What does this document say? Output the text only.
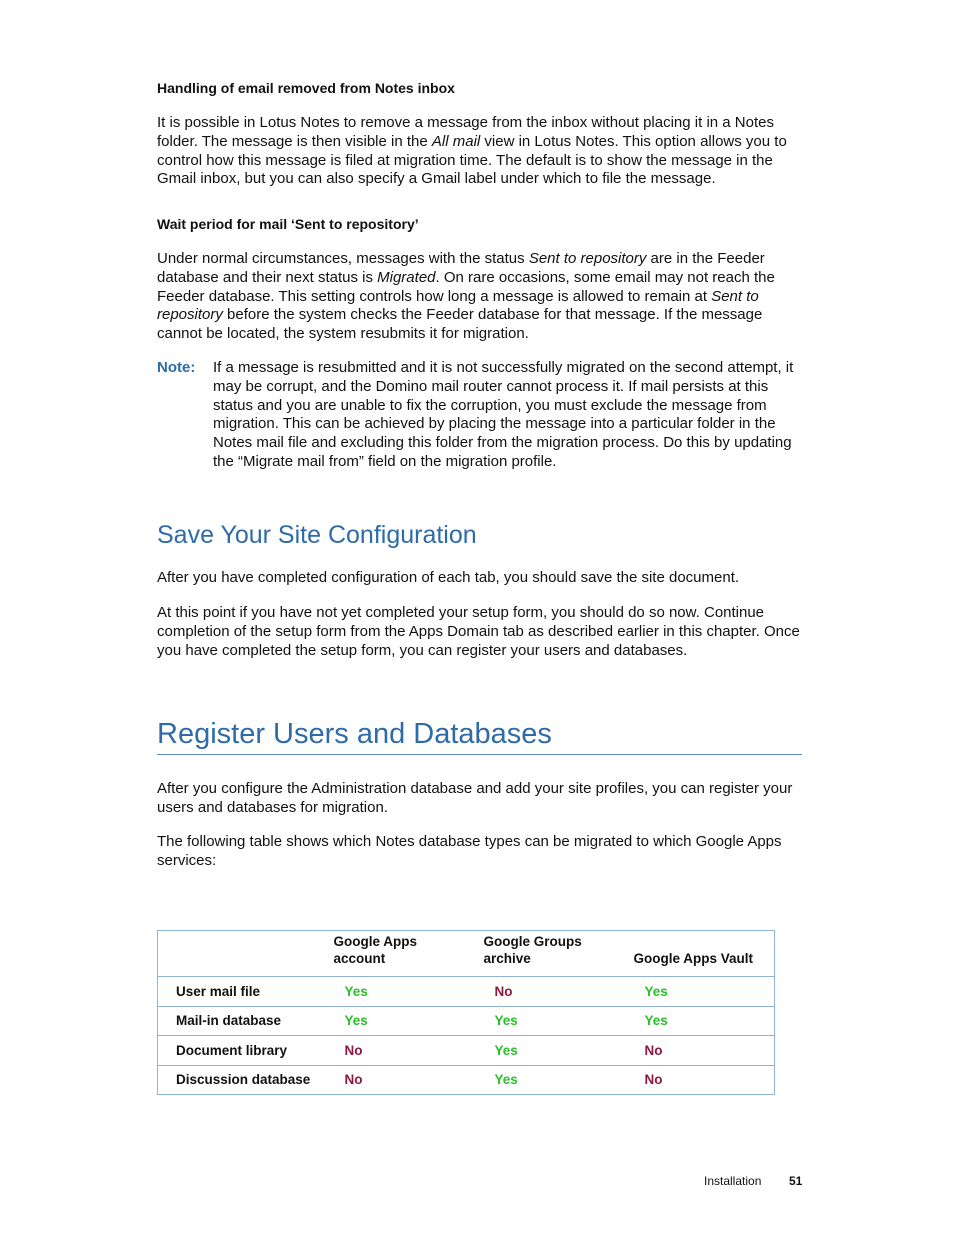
Handling of email removed from Notes inbox

It is possible in Lotus Notes to remove a message from the inbox without placing it in a Notes folder. The message is then visible in the All mail view in Lotus Notes. This option allows you to control how this message is filed at migration time. The default is to show the message in the Gmail inbox, but you can also specify a Gmail label under which to file the message.

Wait period for mail ‘Sent to repository’

Under normal circumstances, messages with the status Sent to repository are in the Feeder database and their next status is Migrated. On rare occasions, some email may not reach the Feeder database. This setting controls how long a message is allowed to remain at Sent to repository before the system checks the Feeder database for that message. If the message cannot be located, the system resubmits it for migration.

Note: If a message is resubmitted and it is not successfully migrated on the second attempt, it may be corrupt, and the Domino mail router cannot process it. If mail persists at this status and you are unable to fix the corruption, you must exclude the message from migration. This can be achieved by placing the message into a particular folder in the Notes mail file and excluding this folder from the migration process. Do this by updating the “Migrate mail from” field on the migration profile.

Save Your Site Configuration

After you have completed configuration of each tab, you should save the site document.

At this point if you have not yet completed your setup form, you should do so now. Continue completion of the setup form from the Apps Domain tab as described earlier in this chapter. Once you have completed the setup form, you can register your users and databases.

Register Users and Databases

After you configure the Administration database and add your site profiles, you can register your users and databases for migration.

The following table shows which Notes database types can be migrated to which Google Apps services:

	Google Apps account	Google Groups archive	Google Apps Vault
User mail file	Yes	No	Yes
Mail-in database	Yes	Yes	Yes
Document library	No	Yes	No
Discussion database	No	Yes	No
Installation 51
